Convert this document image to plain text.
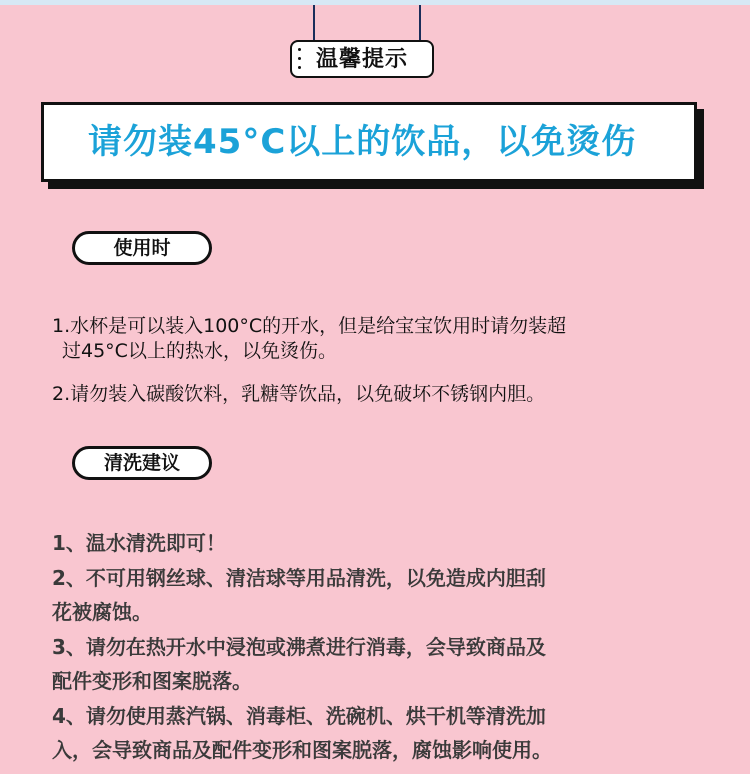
温馨提示
请勿装45°C以上的饮品，以免烫伤
使用时

1.水杯是可以装入100°C的开水，但是给宝宝饮用时请勿装超
过45°C以上的热水，以免烫伤。

2.请勿装入碳酸饮料，乳糖等饮品，以免破坏不锈钢内胆。

清洗建议

1、温水清洗即可！

2、不可用钢丝球、清洁球等用品清洗，以免造成内胆刮

花被腐蚀。

3、请勿在热开水中浸泡或沸煮进行消毒，会导致商品及

配件变形和图案脱落。

4、请勿使用蒸汽锅、消毒柜、洗碗机、烘干机等清洗加

入，会导致商品及配件变形和图案脱落，腐蚀影响使用。
